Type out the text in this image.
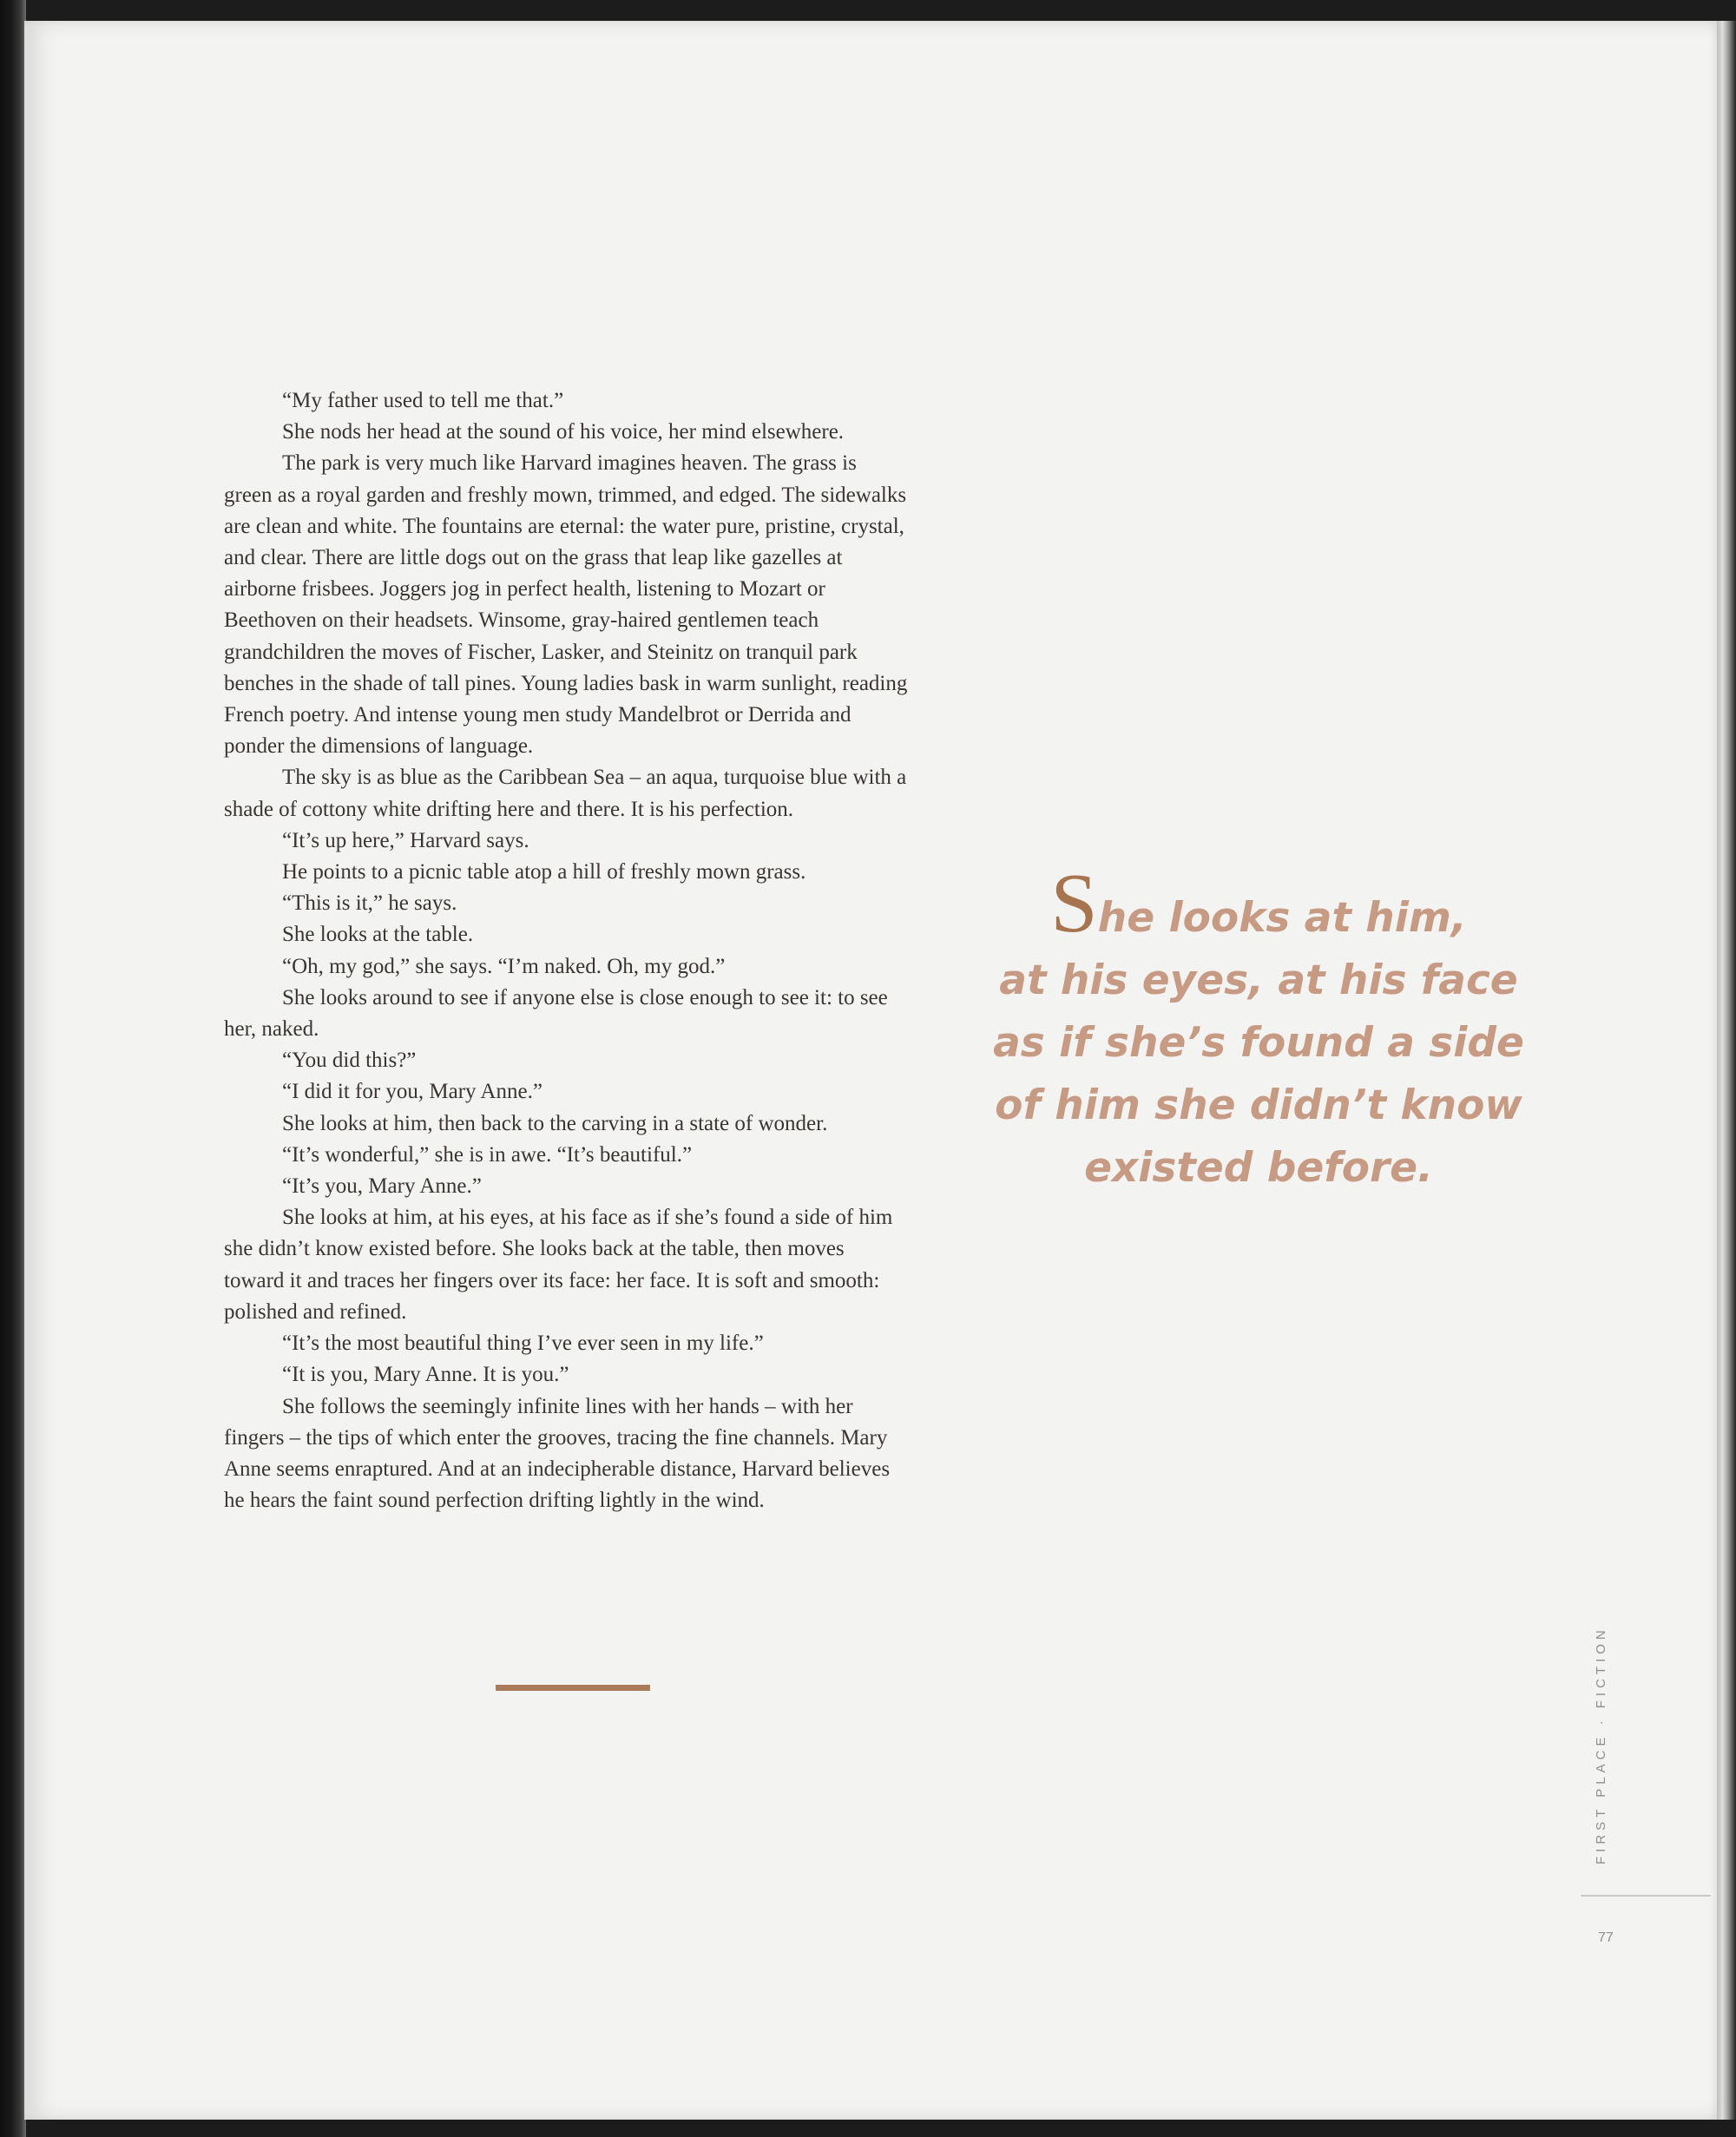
“My father used to tell me that.”

She nods her head at the sound of his voice, her mind elsewhere.

The park is very much like Harvard imagines heaven. The grass is green as a royal garden and freshly mown, trimmed, and edged. The sidewalks are clean and white. The fountains are eternal: the water pure, pristine, crystal, and clear. There are little dogs out on the grass that leap like gazelles at airborne frisbees. Joggers jog in perfect health, listening to Mozart or Beethoven on their headsets. Winsome, gray-haired gentlemen teach grandchildren the moves of Fischer, Lasker, and Steinitz on tranquil park benches in the shade of tall pines. Young ladies bask in warm sunlight, reading French poetry. And intense young men study Mandelbrot or Derrida and ponder the dimensions of language.

The sky is as blue as the Caribbean Sea – an aqua, turquoise blue with a shade of cottony white drifting here and there. It is his perfection.

“It’s up here,” Harvard says.

He points to a picnic table atop a hill of freshly mown grass.

“This is it,” he says.

She looks at the table.

“Oh, my god,” she says. “I’m naked. Oh, my god.”

She looks around to see if anyone else is close enough to see it: to see her, naked.

“You did this?”

“I did it for you, Mary Anne.”

She looks at him, then back to the carving in a state of wonder.

“It’s wonderful,” she is in awe. “It’s beautiful.”

“It’s you, Mary Anne.”

She looks at him, at his eyes, at his face as if she’s found a side of him she didn’t know existed before. She looks back at the table, then moves toward it and traces her fingers over its face: her face. It is soft and smooth: polished and refined.

“It’s the most beautiful thing I’ve ever seen in my life.”

“It is you, Mary Anne. It is you.”

She follows the seemingly infinite lines with her hands – with her fingers – the tips of which enter the grooves, tracing the fine channels. Mary Anne seems enraptured. And at an indecipherable distance, Harvard believes he hears the faint sound perfection drifting lightly in the wind.

She looks at him,
at his eyes, at his face
as if she’s found a side
of him she didn’t know
existed before.
FIRST PLACE · FICTION
77
